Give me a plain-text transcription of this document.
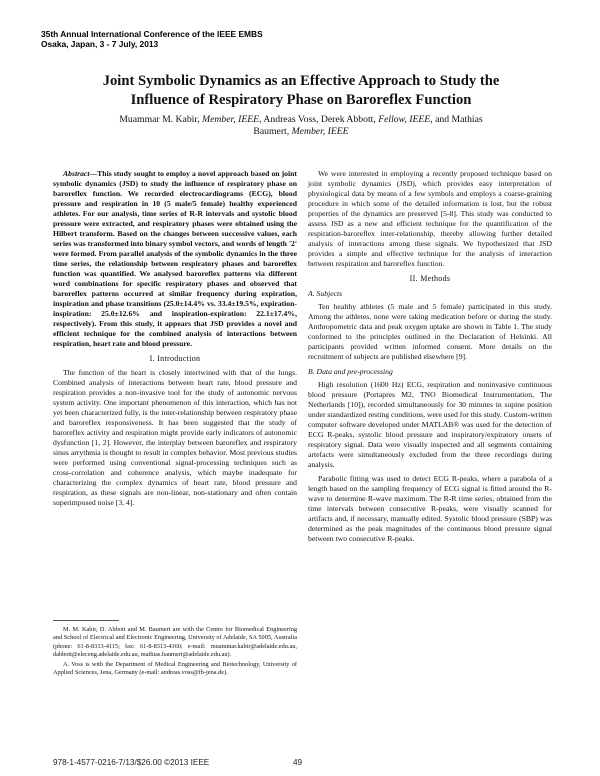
35th Annual International Conference of the IEEE EMBS
Osaka, Japan, 3 - 7 July, 2013
Joint Symbolic Dynamics as an Effective Approach to Study the
Influence of Respiratory Phase on Baroreflex Function
Muammar M. Kabir, Member, IEEE, Andreas Voss, Derek Abbott, Fellow, IEEE, and Mathias
Baumert, Member, IEEE
Abstract—This study sought to employ a novel approach based on joint symbolic dynamics (JSD) to study the influence of respiratory phase on baroreflex function. We recorded electrocardiograms (ECG), blood pressure and respiration in 10 (5 male/5 female) healthy experienced athletes. For our analysis, time series of R-R intervals and systolic blood pressure were extracted, and respiratory phases were obtained using the Hilbert transform. Based on the changes between successive values, each series was transformed into binary symbol vectors, and words of length '2' were formed. From parallel analysis of the symbolic dynamics in the three time series, the relationship between respiratory phases and baroreflex function was quantified. We analysed baroreflex patterns via different word combinations for specific respiratory phases and observed that baroreflex patterns occurred at similar frequency during expiration, inspiration and phase transitions (25.0±14.4% vs. 33.4±19.5%, expiration-inspiration: 25.0±12.6% and inspiration-expiration: 22.1±17.4%, respectively). From this study, it appears that JSD provides a novel and efficient technique for the combined analysis of interactions between respiration, heart rate and blood pressure.
I. Introduction

The function of the heart is closely intertwined with that of the lungs. Combined analysis of interactions between heart rate, blood pressure and respiration provides a non-invasive tool for the study of autonomic nervous system activity. One important phenomenon of this interaction, which has not yet been characterized fully, is the inter-relationship between respiratory phase and baroreflex responsiveness. It has been suggested that the study of baroreflex activity and respiration might provide early indicators of autonomic dysfunction [1, 2]. However, the interplay between baroreflex and respiratory sinus arrythmia is thought to result in complex behavior. Most previous studies were performed using conventional signal-processing techniques such as cross-correlation and coherence analysis, which maybe inadequate for characterizing the complex dynamics of heart rate, blood pressure and respiration, as these signals are non-linear, non-stationary and often contain superimposed noise [3, 4].

M. M. Kabir, D. Abbott and M. Baumert are with the Centre for Biomedical Engineering and School of Electrical and Electronic Engineering, University of Adelaide, SA 5005, Australia (phone: 61-8-8313-4115; fax: 61-8-8313-4360; e-mail: muammar.kabir@adelaide.edu.au, dabbott@eleceng.adelaide.edu.au, mathias.baumert@adelaide.edu.au).

A. Voss is with the Department of Medical Engineering and Biotechnology, University of Applied Sciences, Jena, Germany (e-mail: andreas.voss@fh-jena.de).

We were interested in employing a recently proposed technique based on joint symbolic dynamics (JSD), which provides easy interpretation of physiological data by means of a few symbols and employs a coarse-graining procedure in which some of the detailed information is lost, but the robust properties of the dynamics are preserved [5-8]. This study was conducted to assess JSD as a new and efficient technique for the quantification of the respiration-baroreflex inter-relationship, thereby allowing further detailed analysis of interactions among these signals. We hypothesized that JSD provides a simple and effective technique for the analysis of interaction between respiration and baroreflex function.

II. Methods
A. Subjects

Ten healthy athletes (5 male and 5 female) participated in this study. Among the athletes, none were taking medication before or during the study. Anthropometric data and peak oxygen uptake are shown in Table 1. The study conformed to the principles outlined in the Declaration of Helsinki. All participants provided written informed consent. More details on the recruitment of subjects are published elsewhere [9].

B. Data and pre-processing

High resolution (1600 Hz) ECG, respiration and noninvasive continuous blood pressure (Portapres M2, TNO Biomedical Instrumentation, The Netherlands [10]), recorded simultaneously for 30 minutes in supine position under standardized resting conditions, were used for this study. Custom-written computer software developed under MATLAB® was used for the detection of ECG R-peaks, systolic blood pressure and inspiratory/expiratory onsets of respiratory signal. Data were visually inspected and all segments containing artefacts were simultaneously excluded from the three recordings during analysis.

Parabolic fitting was used to detect ECG R-peaks, where a parabola of a length based on the sampling frequency of ECG signal is fitted around the R-wave to determine R-wave maximum. The R-R time series, obtained from the time intervals between consecutive R-peaks, were visually scanned for artifacts and, if necessary, manually edited. Systolic blood pressure (SBP) was determined as the peak magnitudes of the continuous blood pressure signal between two consecutive R-peaks.

978-1-4577-0216-7/13/$26.00 ©2013 IEEE	49
